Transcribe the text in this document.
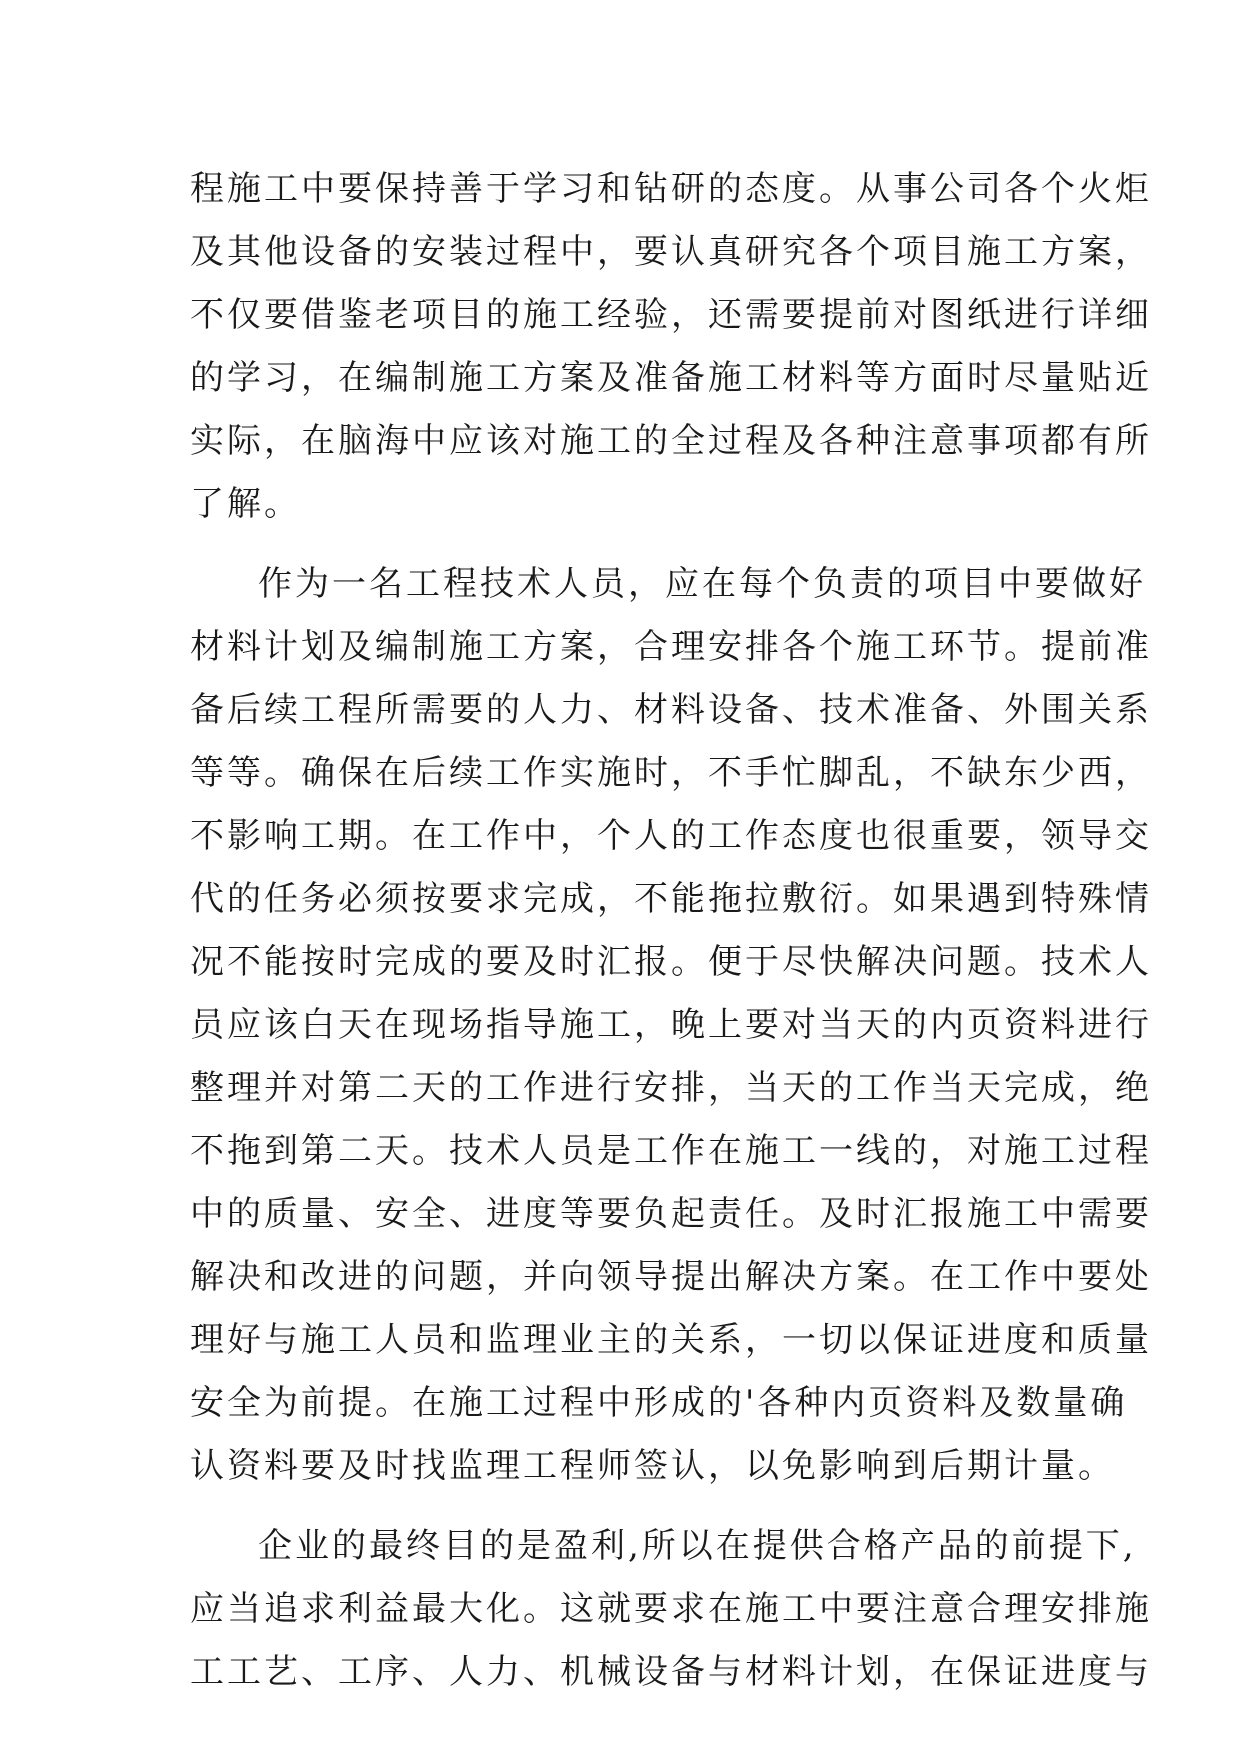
程施工中要保持善于学习和钻研的态度。从事公司各个火炬
及其他设备的安装过程中，要认真研究各个项目施工方案，
不仅要借鉴老项目的施工经验，还需要提前对图纸进行详细
的学习，在编制施工方案及准备施工材料等方面时尽量贴近
实际，在脑海中应该对施工的全过程及各种注意事项都有所
了解。
作为一名工程技术人员，应在每个负责的项目中要做好
材料计划及编制施工方案，合理安排各个施工环节。提前准
备后续工程所需要的人力、材料设备、技术准备、外围关系
等等。确保在后续工作实施时，不手忙脚乱，不缺东少西，
不影响工期。在工作中，个人的工作态度也很重要，领导交
代的任务必须按要求完成，不能拖拉敷衍。如果遇到特殊情
况不能按时完成的要及时汇报。便于尽快解决问题。技术人
员应该白天在现场指导施工，晚上要对当天的内页资料进行
整理并对第二天的工作进行安排，当天的工作当天完成，绝
不拖到第二天。技术人员是工作在施工一线的，对施工过程
中的质量、安全、进度等要负起责任。及时汇报施工中需要
解决和改进的问题，并向领导提出解决方案。在工作中要处
理好与施工人员和监理业主的关系，一切以保证进度和质量
安全为前提。在施工过程中形成的'各种内页资料及数量确
认资料要及时找监理工程师签认，以免影响到后期计量。
企业的最终目的是盈利,所以在提供合格产品的前提下,
应当追求利益最大化。这就要求在施工中要注意合理安排施
工工艺、工序、人力、机械设备与材料计划，在保证进度与
